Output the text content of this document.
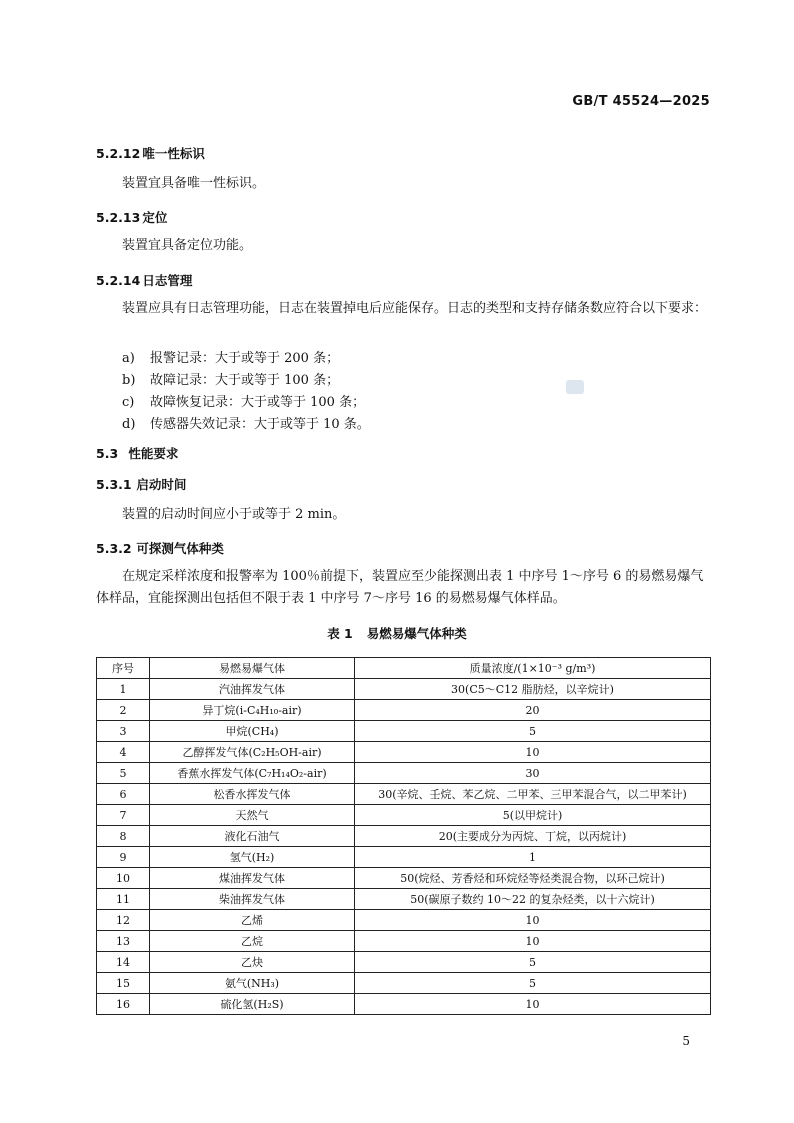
GB/T 45524—2025
5.2.12 唯一性标识
装置宜具备唯一性标识。
5.2.13 定位
装置宜具备定位功能。
5.2.14 日志管理
装置应具有日志管理功能，日志在装置掉电后应能保存。日志的类型和支持存储条数应符合以下要求：
a) 报警记录：大于或等于 200 条；
b) 故障记录：大于或等于 100 条；
c) 故障恢复记录：大于或等于 100 条；
d) 传感器失效记录：大于或等于 10 条。
5.3 性能要求
5.3.1 启动时间
装置的启动时间应小于或等于 2 min。
5.3.2 可探测气体种类
在规定采样浓度和报警率为 100％前提下，装置应至少能探测出表 1 中序号 1～序号 6 的易燃易爆气体样品，宜能探测出包括但不限于表 1 中序号 7～序号 16 的易燃易爆气体样品。
表 1 易燃易爆气体种类
序号	易燃易爆气体	质量浓度/(1×10⁻³ g/m³)
1	汽油挥发气体	30(C5～C12 脂肪烃，以辛烷计)
2	异丁烷(i-C₄H₁₀-air)	20
3	甲烷(CH₄)	5
4	乙醇挥发气体(C₂H₅OH-air)	10
5	香蕉水挥发气体(C₇H₁₄O₂-air)	30
6	松香水挥发气体	30(辛烷、壬烷、苯乙烷、二甲苯、三甲苯混合气，以二甲苯计)
7	天然气	5(以甲烷计)
8	液化石油气	20(主要成分为丙烷、丁烷，以丙烷计)
9	氢气(H₂)	1
10	煤油挥发气体	50(烷烃、芳香烃和环烷烃等烃类混合物，以环己烷计)
11	柴油挥发气体	50(碳原子数约 10～22 的复杂烃类，以十六烷计)
12	乙烯	10
13	乙烷	10
14	乙炔	5
15	氨气(NH₃)	5
16	硫化氢(H₂S)	10
5
